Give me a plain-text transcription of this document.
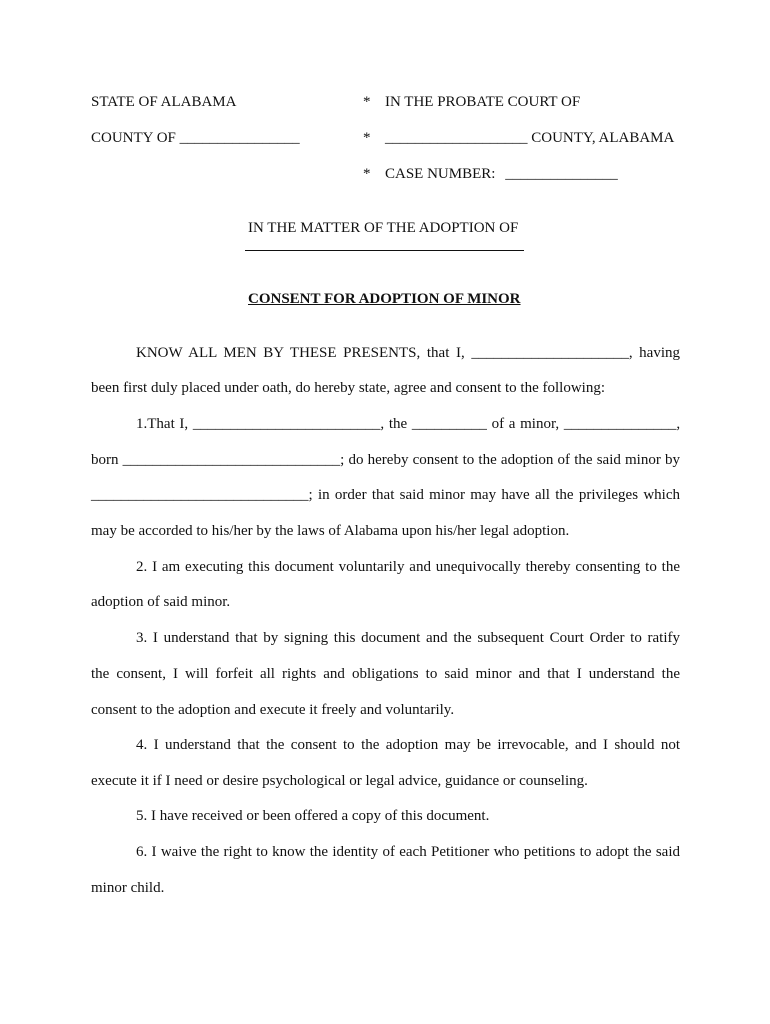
STATE OF ALABAMA	* IN THE PROBATE COURT OF
COUNTY OF ________________	* ___________________ COUNTY, ALABAMA
* CASE NUMBER: _______________
IN THE MATTER OF THE ADOPTION OF
CONSENT FOR ADOPTION OF MINOR
KNOW ALL MEN BY THESE PRESENTS, that I, _____________________, having
been first duly placed under oath, do hereby state, agree and consent to the following:
1.That I, _________________________, the __________ of a minor, _______________,
born _____________________________; do hereby consent to the adoption of the said minor by
_____________________________; in order that said minor may have all the privileges which
may be accorded to his/her by the laws of Alabama upon his/her legal adoption.
2. I am executing this document voluntarily and unequivocally thereby consenting to the
adoption of said minor.
3. I understand that by signing this document and the subsequent Court Order to ratify
the consent, I will forfeit all rights and obligations to said minor and that I understand the
consent to the adoption and execute it freely and voluntarily.
4. I understand that the consent to the adoption may be irrevocable, and I should not
execute it if I need or desire psychological or legal advice, guidance or counseling.
5. I have received or been offered a copy of this document.
6. I waive the right to know the identity of each Petitioner who petitions to adopt the said
minor child.
